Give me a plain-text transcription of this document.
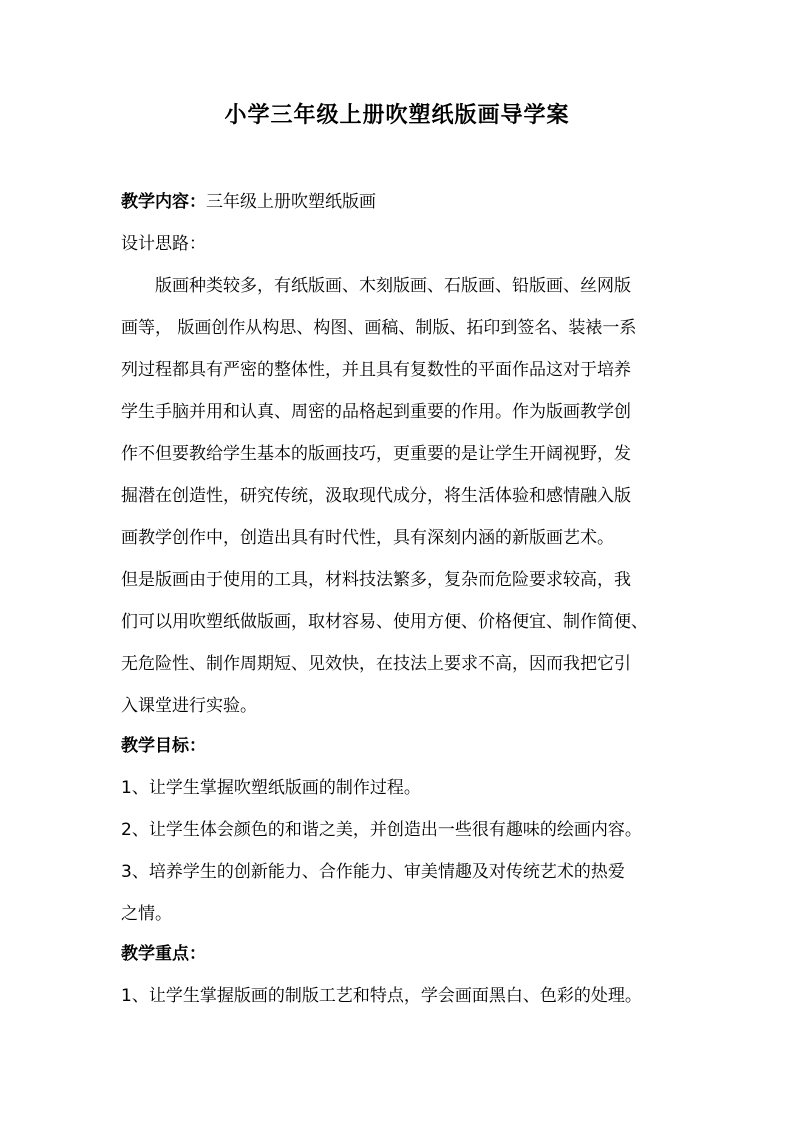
小学三年级上册吹塑纸版画导学案
教学内容：三年级上册吹塑纸版画
设计思路：
　　版画种类较多，有纸版画、木刻版画、石版画、铅版画、丝网版
画等， 版画创作从构思、构图、画稿、制版、拓印到签名、装裱一系
列过程都具有严密的整体性，并且具有复数性的平面作品这对于培养
学生手脑并用和认真、周密的品格起到重要的作用。作为版画教学创
作不但要教给学生基本的版画技巧，更重要的是让学生开阔视野，发
掘潜在创造性，研究传统，汲取现代成分，将生活体验和感情融入版
画教学创作中，创造出具有时代性，具有深刻内涵的新版画艺术。
但是版画由于使用的工具，材料技法繁多，复杂而危险要求较高，我
们可以用吹塑纸做版画，取材容易、使用方便、价格便宜、制作简便、
无危险性、制作周期短、见效快，在技法上要求不高，因而我把它引
入课堂进行实验。
教学目标：
1、让学生掌握吹塑纸版画的制作过程。
2、让学生体会颜色的和谐之美，并创造出一些很有趣味的绘画内容。
3、培养学生的创新能力、合作能力、审美情趣及对传统艺术的热爱
之情。
教学重点：
1、让学生掌握版画的制版工艺和特点，学会画面黑白、色彩的处理。
